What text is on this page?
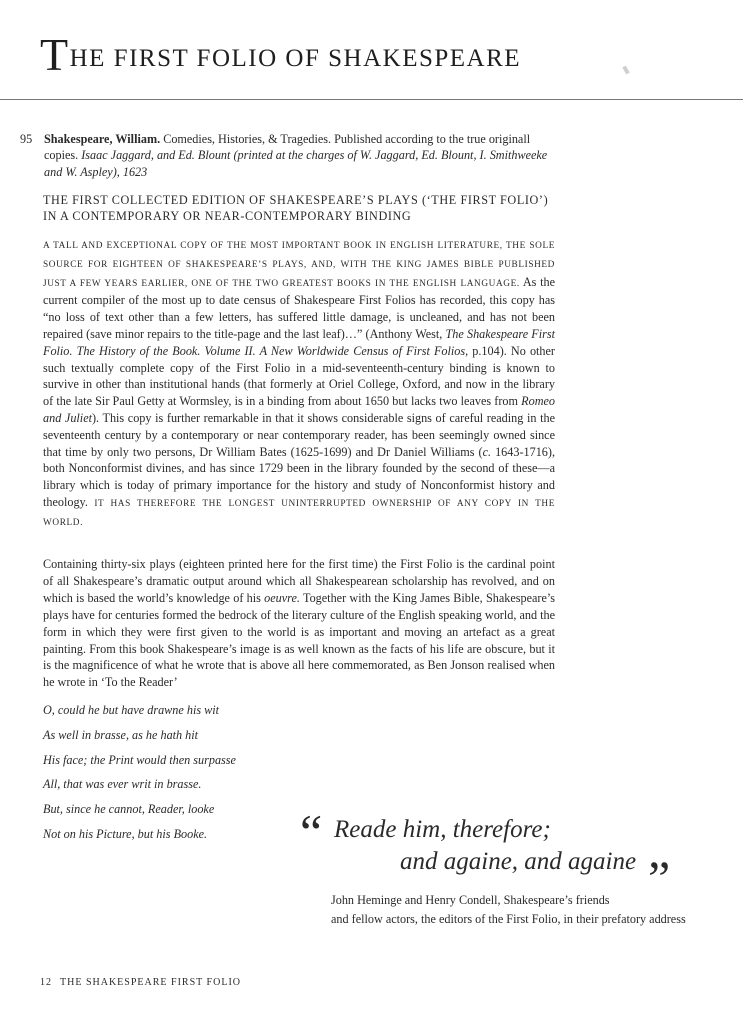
THE FIRST FOLIO OF SHAKESPEARE
95 Shakespeare, William. Comedies, Histories, & Tragedies. Published according to the true originall copies. Isaac Jaggard, and Ed. Blount (printed at the charges of W. Jaggard, Ed. Blount, I. Smithweeke and W. Aspley), 1623
THE FIRST COLLECTED EDITION OF SHAKESPEARE’S PLAYS (‘THE FIRST FOLIO’) IN A CONTEMPORARY OR NEAR-CONTEMPORARY BINDING
A TALL AND EXCEPTIONAL COPY OF THE MOST IMPORTANT BOOK IN ENGLISH LITERATURE, THE SOLE SOURCE FOR EIGHTEEN OF SHAKESPEARE’S PLAYS, AND, WITH THE KING JAMES BIBLE PUBLISHED JUST A FEW YEARS EARLIER, ONE OF THE TWO GREATEST BOOKS IN THE ENGLISH LANGUAGE. As the current compiler of the most up to date census of Shakespeare First Folios has recorded, this copy has “no loss of text other than a few letters, has suffered little damage, is uncleaned, and has not been repaired (save minor repairs to the title-page and the last leaf)…” (Anthony West, The Shakespeare First Folio. The History of the Book. Volume II. A New Worldwide Census of First Folios, p.104). No other such textually complete copy of the First Folio in a mid-seventeenth-century binding is known to survive in other than institutional hands (that formerly at Oriel College, Oxford, and now in the library of the late Sir Paul Getty at Wormsley, is in a binding from about 1650 but lacks two leaves from Romeo and Juliet). This copy is further remarkable in that it shows considerable signs of careful reading in the seventeenth century by a contemporary or near contemporary reader, has been seemingly owned since that time by only two persons, Dr William Bates (1625-1699) and Dr Daniel Williams (c. 1643-1716), both Nonconformist divines, and has since 1729 been in the library founded by the second of these—a library which is today of primary importance for the history and study of Nonconformist history and theology. IT HAS THEREFORE THE LONGEST UNINTERRUPTED OWNERSHIP OF ANY COPY IN THE WORLD.
Containing thirty-six plays (eighteen printed here for the first time) the First Folio is the cardinal point of all Shakespeare’s dramatic output around which all Shakespearean scholarship has revolved, and on which is based the world’s knowledge of his oeuvre. Together with the King James Bible, Shakespeare’s plays have for centuries formed the bedrock of the literary culture of the English speaking world, and the form in which they were first given to the world is as important and moving an artefact as a great painting. From this book Shakespeare’s image is as well known as the facts of his life are obscure, but it is the magnificence of what he wrote that is above all here commemorated, as Ben Jonson realised when he wrote in ‘To the Reader’
O, could he but have drawne his wit
As well in brasse, as he hath hit
His face; the Print would then surpasse
All, that was ever writ in brasse.
But, since he cannot, Reader, looke
Not on his Picture, but his Booke.	“ Reade him, therefore;
and againe, and againe ”
John Heminge and Henry Condell, Shakespeare’s friends
and fellow actors, the editors of the First Folio, in their prefatory address
12 THE SHAKESPEARE FIRST FOLIO
